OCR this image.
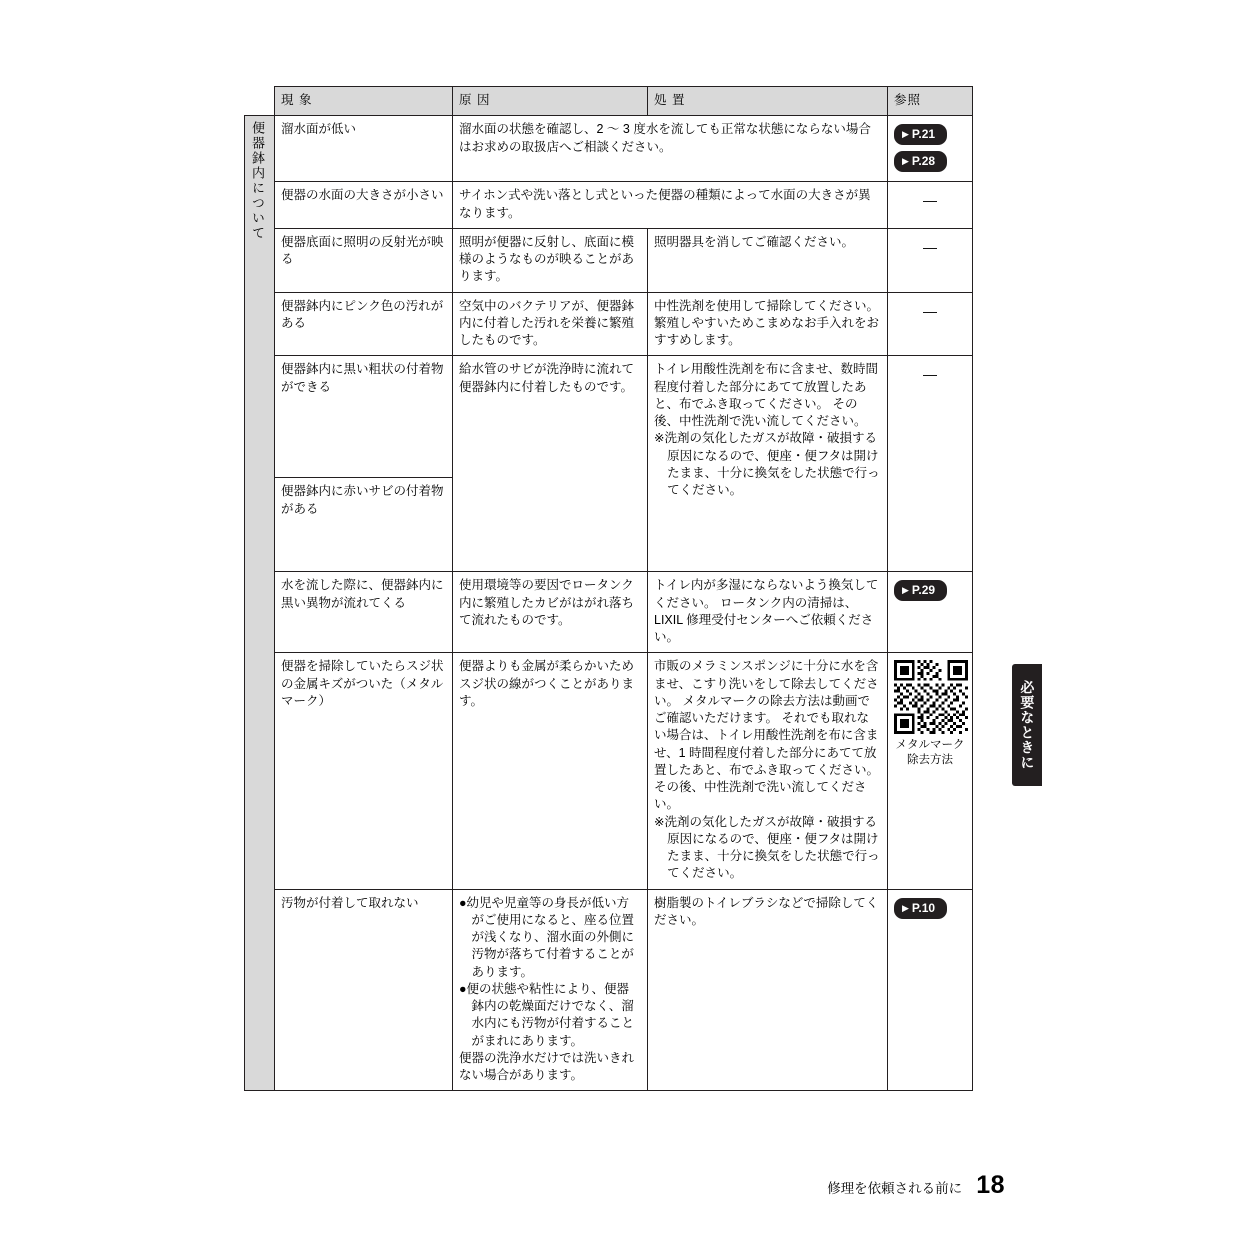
	現 象	原 因	処 置	参照
便器鉢内について	溜水面が低い	溜水面の状態を確認し、2 ～ 3 度水を流しても正常な状態にならない場合はお求めの取扱店へご相談ください。		▶ P.21
▶ P.28
	便器の水面の大きさが小さい	サイホン式や洗い落とし式といった便器の種類によって水面の大きさが異なります。		—

	便器底面に照明の反射光が映る	照明が便器に反射し、底面に模様のようなものが映ることがあります。	照明器具を消してご確認ください。	—

	便器鉢内にピンク色の汚れがある	空気中のバクテリアが、便器鉢内に付着した汚れを栄養に繁殖したものです。	中性洗剤を使用して掃除してください。 繁殖しやすいためこまめなお手入れをおすすめします。	—

	便器鉢内に黒い粗状の付着物ができる	給水管のサビが洗浄時に流れて便器鉢内に付着したものです。	トイレ用酸性洗剤を布に含ませ、数時間程度付着した部分にあてて放置したあと、布でふき取ってください。 その後、中性洗剤で洗い流してください。
※洗剤の気化したガスが故障・破損する原因になるので、便座・便フタは開けたまま、十分に換気をした状態で行ってください。	—

	便器鉢内に赤いサビの付着物がある			
	水を流した際に、便器鉢内に黒い異物が流れてくる	使用環境等の要因でロータンク内に繁殖したカビがはがれ落ちて流れたものです。	トイレ内が多湿にならないよう換気してください。 ロータンク内の清掃は、LIXIL 修理受付センターへご依頼ください。	▶ P.29
	便器を掃除していたらスジ状の金属キズがついた（メタルマーク）	便器よりも金属が柔らかいためスジ状の線がつくことがあります。	市販のメラミンスポンジに十分に水を含ませ、こすり洗いをして除去してください。 メタルマークの除去方法は動画でご確認いただけます。 それでも取れない場合は、トイレ用酸性洗剤を布に含ませ、1 時間程度付着した部分にあてて放置したあと、布でふき取ってください。 その後、中性洗剤で洗い流してください。
※洗剤の気化したガスが故障・破損する原因になるので、便座・便フタは開けたまま、十分に換気をした状態で行ってください。	メタルマーク
除去方法

	汚物が付着して取れない	●幼児や児童等の身長が低い方がご使用になると、座る位置が浅くなり、溜水面の外側に汚物が落ちて付着することがあります。
●便の状態や粘性により、便器鉢内の乾燥面だけでなく、溜水内にも汚物が付着することがまれにあります。
便器の洗浄水だけでは洗いきれない場合があります。	樹脂製のトイレブラシなどで掃除してください。	▶ P.10
必要なときに
修理を依頼される前に 18
